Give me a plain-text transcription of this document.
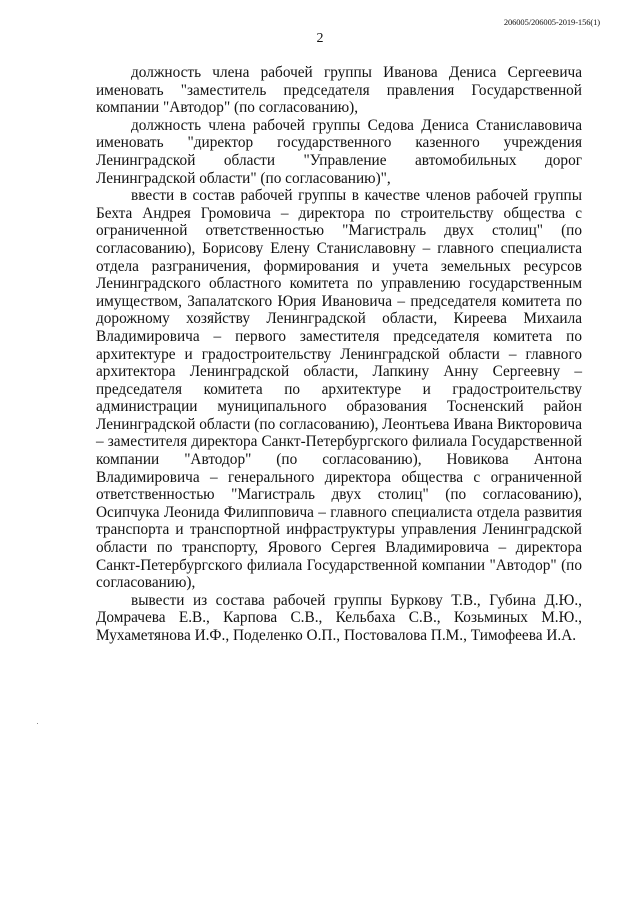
206005/206005-2019-156(1)
2

должность члена рабочей группы Иванова Дениса Сергеевича именовать "заместитель председателя правления Государственной компании "Автодор" (по согласованию),

должность члена рабочей группы Седова Дениса Станиславовича именовать "директор государственного казенного учреждения Ленинградской области "Управление автомобильных дорог Ленинградской области" (по согласованию)",

ввести в состав рабочей группы в качестве членов рабочей группы Бехта Андрея Громовича – директора по строительству общества с ограниченной ответственностью "Магистраль двух столиц" (по согласованию), Борисову Елену Станиславовну – главного специалиста отдела разграничения, формирования и учета земельных ресурсов Ленинградского областного комитета по управлению государственным имуществом, Запалатского Юрия Ивановича – председателя комитета по дорожному хозяйству Ленинградской области, Киреева Михаила Владимировича – первого заместителя председателя комитета по архитектуре и градостроительству Ленинградской области – главного архитектора Ленинградской области, Лапкину Анну Сергеевну – председателя комитета по архитектуре и градостроительству администрации муниципального образования Тосненский район Ленинградской области (по согласованию), Леонтьева Ивана Викторовича – заместителя директора Санкт-Петербургского филиала Государственной компании "Автодор" (по согласованию), Новикова Антона Владимировича – генерального директора общества с ограниченной ответственностью "Магистраль двух столиц" (по согласованию), Осипчука Леонида Филипповича – главного специалиста отдела развития транспорта и транспортной инфраструктуры управления Ленинградской области по транспорту, Ярового Сергея Владимировича – директора Санкт-Петербургского филиала Государственной компании "Автодор" (по согласованию),

вывести из состава рабочей группы Буркову Т.В., Губина Д.Ю., Домрачева Е.В., Карпова С.В., Кельбаха С.В., Козьминых М.Ю., Мухаметянова И.Ф., Поделенко О.П., Постовалова П.М., Тимофеева И.А.
